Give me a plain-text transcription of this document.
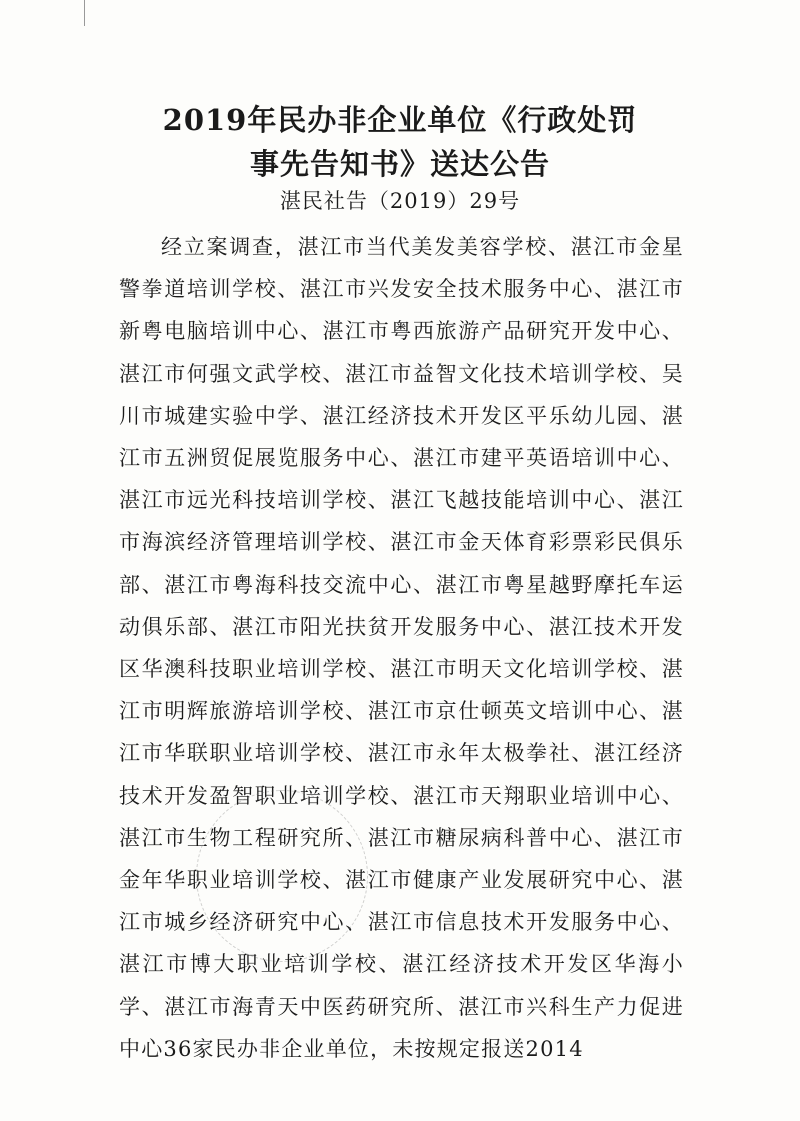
2019年民办非企业单位《行政处罚
事先告知书》送达公告
湛民社告（2019）29号

经立案调查，湛江市当代美发美容学校、湛江市金星警拳道培训学校、湛江市兴发安全技术服务中心、湛江市新粤电脑培训中心、湛江市粤西旅游产品研究开发中心、湛江市何强文武学校、湛江市益智文化技术培训学校、吴川市城建实验中学、湛江经济技术开发区平乐幼儿园、湛江市五洲贸促展览服务中心、湛江市建平英语培训中心、湛江市远光科技培训学校、湛江飞越技能培训中心、湛江市海滨经济管理培训学校、湛江市金天体育彩票彩民俱乐部、湛江市粤海科技交流中心、湛江市粤星越野摩托车运动俱乐部、湛江市阳光扶贫开发服务中心、湛江技术开发区华澳科技职业培训学校、湛江市明天文化培训学校、湛江市明辉旅游培训学校、湛江市京仕顿英文培训中心、湛江市华联职业培训学校、湛江市永年太极拳社、湛江经济技术开发盈智职业培训学校、湛江市天翔职业培训中心、湛江市生物工程研究所、湛江市糖尿病科普中心、湛江市金年华职业培训学校、湛江市健康产业发展研究中心、湛江市城乡经济研究中心、湛江市信息技术开发服务中心、湛江市博大职业培训学校、湛江经济技术开发区华海小学、湛江市海青天中医药研究所、湛江市兴科生产力促进中心36家民办非企业单位，未按规定报送2014
